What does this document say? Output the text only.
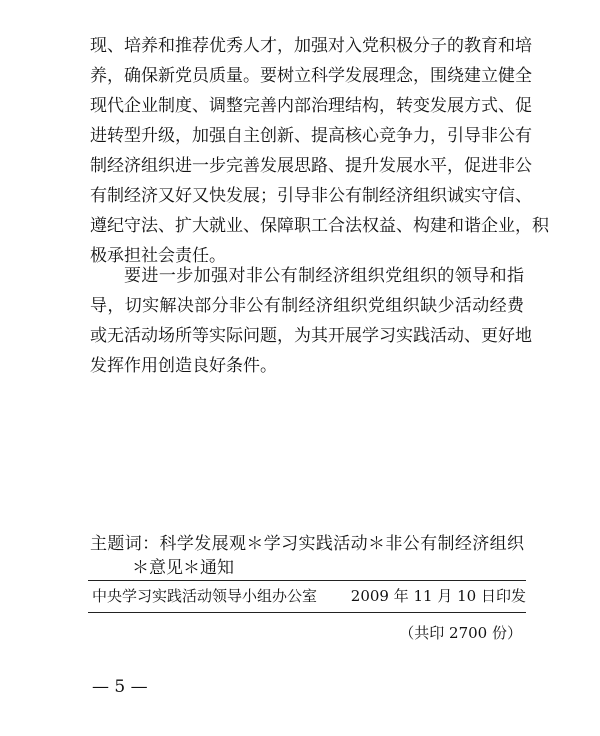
现、培养和推荐优秀人才，加强对入党积极分子的教育和培
养，确保新党员质量。要树立科学发展理念，围绕建立健全
现代企业制度、调整完善内部治理结构，转变发展方式、促
进转型升级，加强自主创新、提高核心竞争力，引导非公有
制经济组织进一步完善发展思路、提升发展水平，促进非公
有制经济又好又快发展；引导非公有制经济组织诚实守信、
遵纪守法、扩大就业、保障职工合法权益、构建和谐企业，积
极承担社会责任。
要进一步加强对非公有制经济组织党组织的领导和指
导，切实解决部分非公有制经济组织党组织缺少活动经费
或无活动场所等实际问题，为其开展学习实践活动、更好地
发挥作用创造良好条件。
主题词：科学发展观＊学习实践活动＊非公有制经济组织
＊意见＊通知
中央学习实践活动领导小组办公室 2009 年 11 月 10 日印发
（共印 2700 份）
— 5 —
